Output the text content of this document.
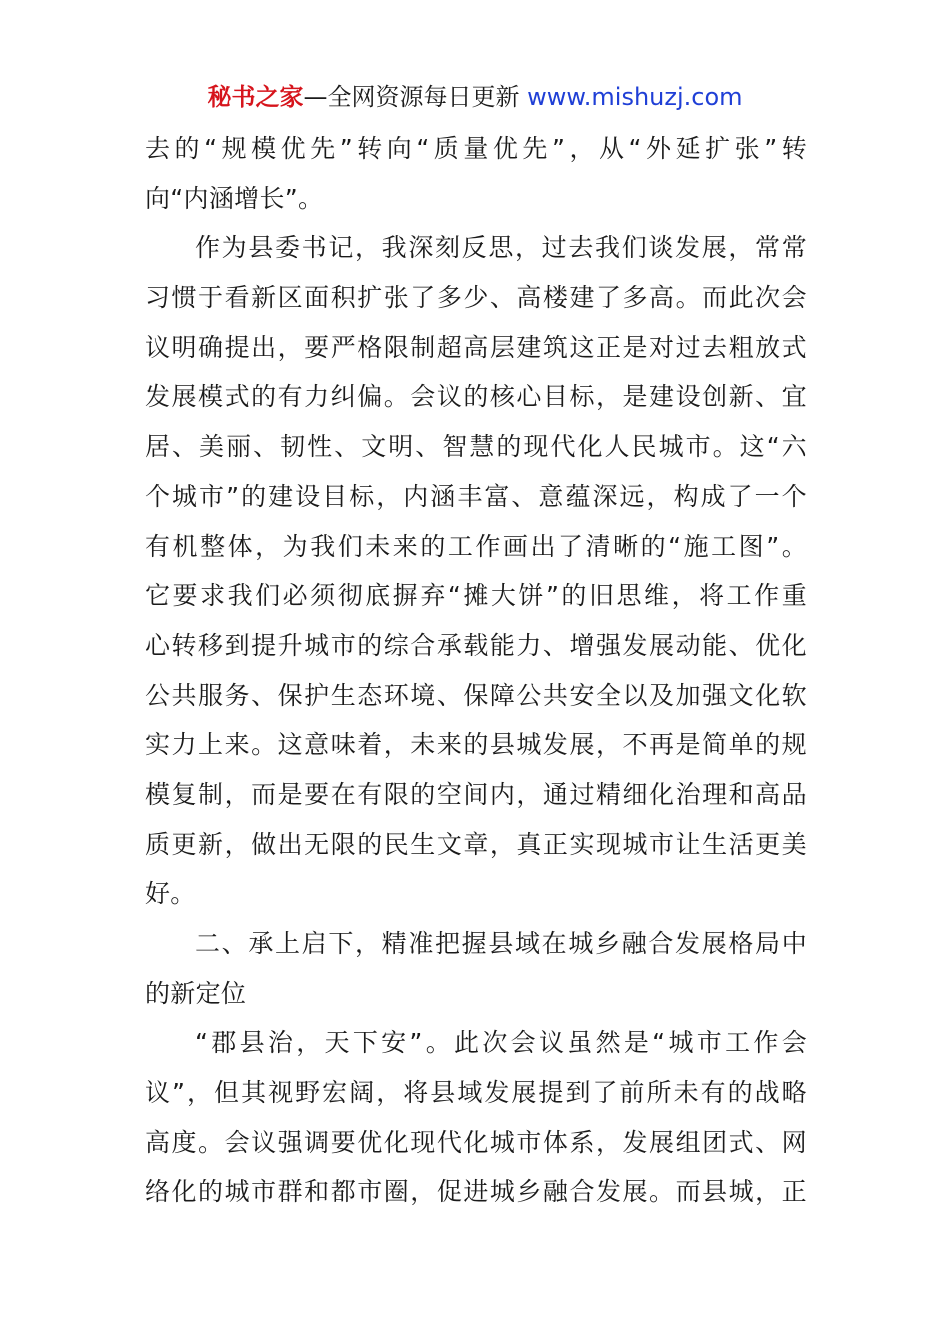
秘书之家—全网资源每日更新 www.mishuzj.com
去的“规模优先”转向“质量优先”，从“外延扩张”转
向“内涵增长”。
作为县委书记，我深刻反思，过去我们谈发展，常常
习惯于看新区面积扩张了多少、高楼建了多高。而此次会
议明确提出，要严格限制超高层建筑这正是对过去粗放式
发展模式的有力纠偏。会议的核心目标，是建设创新、宜
居、美丽、韧性、文明、智慧的现代化人民城市。这“六
个城市”的建设目标，内涵丰富、意蕴深远，构成了一个
有机整体，为我们未来的工作画出了清晰的“施工图”。
它要求我们必须彻底摒弃“摊大饼”的旧思维，将工作重
心转移到提升城市的综合承载能力、增强发展动能、优化
公共服务、保护生态环境、保障公共安全以及加强文化软
实力上来。这意味着，未来的县城发展，不再是简单的规
模复制，而是要在有限的空间内，通过精细化治理和高品
质更新，做出无限的民生文章，真正实现城市让生活更美
好。
二、承上启下，精准把握县域在城乡融合发展格局中
的新定位
“郡县治，天下安”。此次会议虽然是“城市工作会
议”，但其视野宏阔，将县域发展提到了前所未有的战略
高度。会议强调要优化现代化城市体系，发展组团式、网
络化的城市群和都市圈，促进城乡融合发展。而县城，正
